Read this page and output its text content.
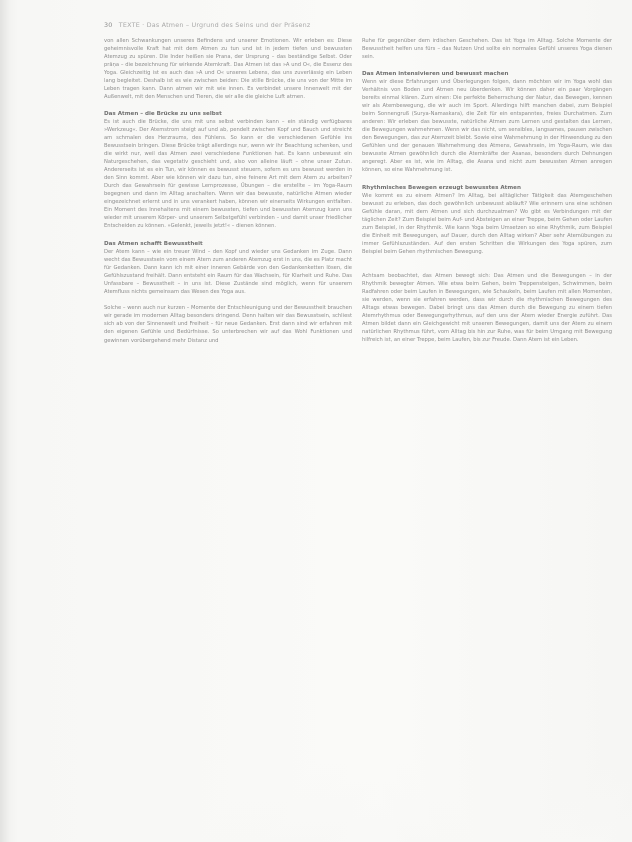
30 TEXTE · Das Atmen – Urgrund des Seins und der Präsenz

von allen Schwankungen unseres Befindens und unserer Emotionen. Wir erleben es: Diese geheimnisvolle Kraft hat mit dem Atmen zu tun und ist in jedem tiefen und bewussten Atemzug zu spüren. Die Inder heißen sie Prana, der Ursprung – das beständige Selbst. Oder prāṇa – die bezeichnung für wirkende Atemkraft. Das Atmen ist das »A und O«, die Essenz des Yoga. Gleichzeitig ist es auch das »A und O« unseres Lebens, das uns zuverlässig ein Leben lang begleitet. Deshalb ist es wie zwischen beiden: Die stille Brücke, die uns von der Mitte im Leben tragen kann. Dann atmen wir mit wie innen. Es verbindet unsere Innenwelt mit der Außenwelt, mit den Menschen und Tieren, die wir alle die gleiche Luft atmen.

Das Atmen – die Brücke zu uns selbst

Es ist auch die Brücke, die uns mit uns selbst verbinden kann – ein ständig verfügbares »Werkzeug«. Der Atemstrom steigt auf und ab, pendelt zwischen Kopf und Bauch und streicht am schmalen des Herzraums, des Fühlens. So kann er die verschiedenen Gefühle ins Bewusstsein bringen. Diese Brücke trägt allerdings nur, wenn wir ihr Beachtung schenken, und die wirkt nur, weil das Atmen zwei verschiedene Funktionen hat. Es kann unbewusst ein Naturgeschehen, das vegetativ geschieht und, also von alleine läuft – ohne unser Zutun. Andererseits ist es ein Tun, wir können es bewusst steuern, sofern es uns bewusst werden in den Sinn kommt. Aber wie können wir dazu tun, eine feinere Art mit dem Atem zu arbeiten? Durch das Gewahrsein für gewisse Lernprozesse, Übungen – die erstellte – im Yoga-Raum begegnen und dann im Alltag anschalten. Wenn wir das bewusste, natürliche Atmen wieder eingezeichnet erlernt und in uns verankert haben, können wir einerseits Wirkungen entfalten. Ein Moment des Innehaltens mit einem bewussten, tiefen und bewussten Atemzug kann uns wieder mit unserem Körper- und unserem Selbstgefühl verbinden – und damit unser friedlicher Entscheiden zu können. »Gelenkt, jeweils jetzt!« – dienen können.

Das Atmen schafft Bewusstheit

Der Atem kann – wie ein treuer Wind – den Kopf und wieder uns Gedanken im Zuge. Dann wecht das Bewusstsein vom einem Atem zum anderen Atemzug erst in uns, die es Platz macht für Gedanken. Dann kann ich mit einer inneren Gebärde von den Gedankenketten lösen, die Gefühlszustand freihält. Dann entsteht ein Raum für das Wachsein, für Klarheit und Ruhe. Das Unfassbare – Bewusstheit – in uns ist. Diese Zustände sind möglich, wenn für unserem Atemfluss nichts gemeinsam das Wesen des Yoga aus.

Solche – wenn auch nur kurzen – Momente der Entschleunigung und der Bewusstheit brauchen wir gerade im modernen Alltag besonders dringend. Denn halten wir das Bewusstsein, schliest sich ab von der Sinnenwelt und Freiheit – für neue Gedanken. Erst dann sind wir erfahren mit den eigenen Gefühle und Bedürfnisse. So unterbrechen wir auf das Wohl Funktionen und gewinnen vorübergehend mehr Distanz und

Ruhe für gegenüber dem irdischen Geschehen. Das ist Yoga im Alltag. Solche Momente der Bewusstheit helfen uns fürs – das Nutzen Und sollte ein normales Gefühl unseres Yoga dienen sein.

Das Atmen intensivieren und bewusst machen

Wenn wir diese Erfahrungen und Überlegungen folgen, dann möchten wir im Yoga wohl das Verhältnis von Boden und Atmen neu überdenken. Wir können daher ein paar Vorgängen bereits einmal klären. Zum einen: Die perfekte Beherrschung der Natur, das Bewegen, kennen wir als Atembewegung, die wir auch im Sport. Allerdings hilft manchen dabei, zum Beispiel beim Sonnengruß (Surya-Namaskara), die Zeit für ein entspanntes, freies Durchatmen. Zum anderen: Wir erleben das bewusste, natürliche Atmen zum Lernen und gestalten das Lernen, die Bewegungen wahrnehmen. Wenn wir das nicht, um sensibles, langsames, pausen zwischen den Bewegungen, das zur Atemzeit bleibt. Sowie eine Wahrnehmung in der Hinwendung zu den Gefühlen und der genauen Wahrnehmung des Atmens, Gewahrsein, im Yoga-Raum, wie das bewusste Atmen gewöhnlich durch die Atemkräfte der Asanas, besonders durch Dehnungen angeregt. Aber es ist, wie im Alltag, die Asana und nicht zum bewussten Atmen anregen können, so eine Wahrnehmung ist.

Rhythmisches Bewegen erzeugt bewusstes Atmen

Wie kommt es zu einem Atmen? Im Alltag, bei alltäglicher Tätigkeit das Atemgeschehen bewusst zu erleben, das doch gewöhnlich unbewusst abläuft? Wie erinnern uns eine schönen Gefühle daran, mit dem Atmen und sich durchzuatmen? Wo gibt es Verbindungen mit der täglichen Zeit? Zum Beispiel beim Auf- und Absteigen an einer Treppe, beim Gehen oder Laufen zum Beispiel, in der Rhythmik. Wie kann Yoga beim Umsetzen so eine Rhythmik, zum Beispiel die Einheit mit Bewegungen, auf Dauer, durch den Alltag wirken? Aber sehr Atemübungen zu immer Gefühlszuständen. Auf den ersten Schritten die Wirkungen des Yoga spüren, zum Beispiel beim Gehen rhythmischen Bewegung.

Achtsam beobachtet, das Atmen bewegt sich: Das Atmen und die Bewegungen – in der Rhythmik bewegter Atmen. Wie etwa beim Gehen, beim Treppensteigen, Schwimmen, beim Radfahren oder beim Laufen in Bewegungen, wie Schaukeln, beim Laufen mit allen Momenten, sie werden, wenn sie erfahren werden, dass wir durch die rhythmischen Bewegungen des Alltags etwas bewegen. Dabei bringt uns das Atmen durch die Bewegung zu einem tiefen Atemrhythmus oder Bewegungsrhythmus, auf den uns der Atem wieder Energie zuführt. Das Atmen bildet dann ein Gleichgewicht mit unseren Bewegungen, damit uns der Atem zu einem natürlichen Rhythmus führt, vom Alltag bis hin zur Ruhe, was für beim Umgang mit Bewegung hilfreich ist, an einer Treppe, beim Laufen, bis zur Freude. Dann Atem ist ein Leben.
